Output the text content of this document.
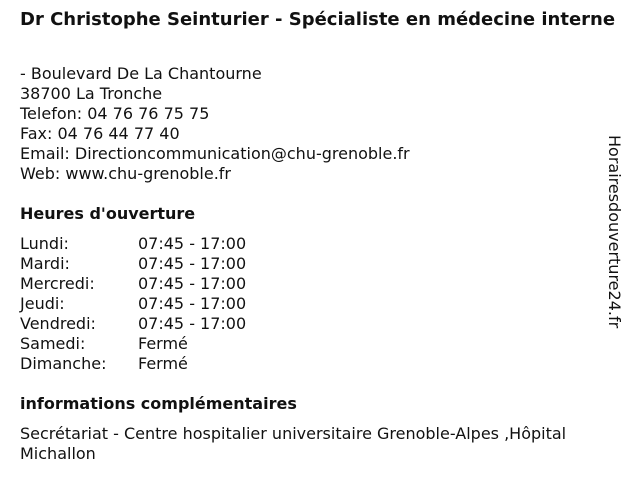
Dr Christophe Seinturier - Spécialiste en médecine interne
- Boulevard De La Chantourne
38700 La Tronche
Telefon: 04 76 76 75 75
Fax: 04 76 44 77 40
Email: Directioncommunication@chu-grenoble.fr
Web: www.chu-grenoble.fr
Heures d'ouverture
Lundi:	07:45 - 17:00
Mardi:	07:45 - 17:00
Mercredi:	07:45 - 17:00
Jeudi:	07:45 - 17:00
Vendredi:	07:45 - 17:00
Samedi:	Fermé
Dimanche: Fermé
informations complémentaires

Secrétariat - Centre hospitalier universitaire Grenoble-Alpes ,Hôpital Michallon

Horairesdouverture24.fr
